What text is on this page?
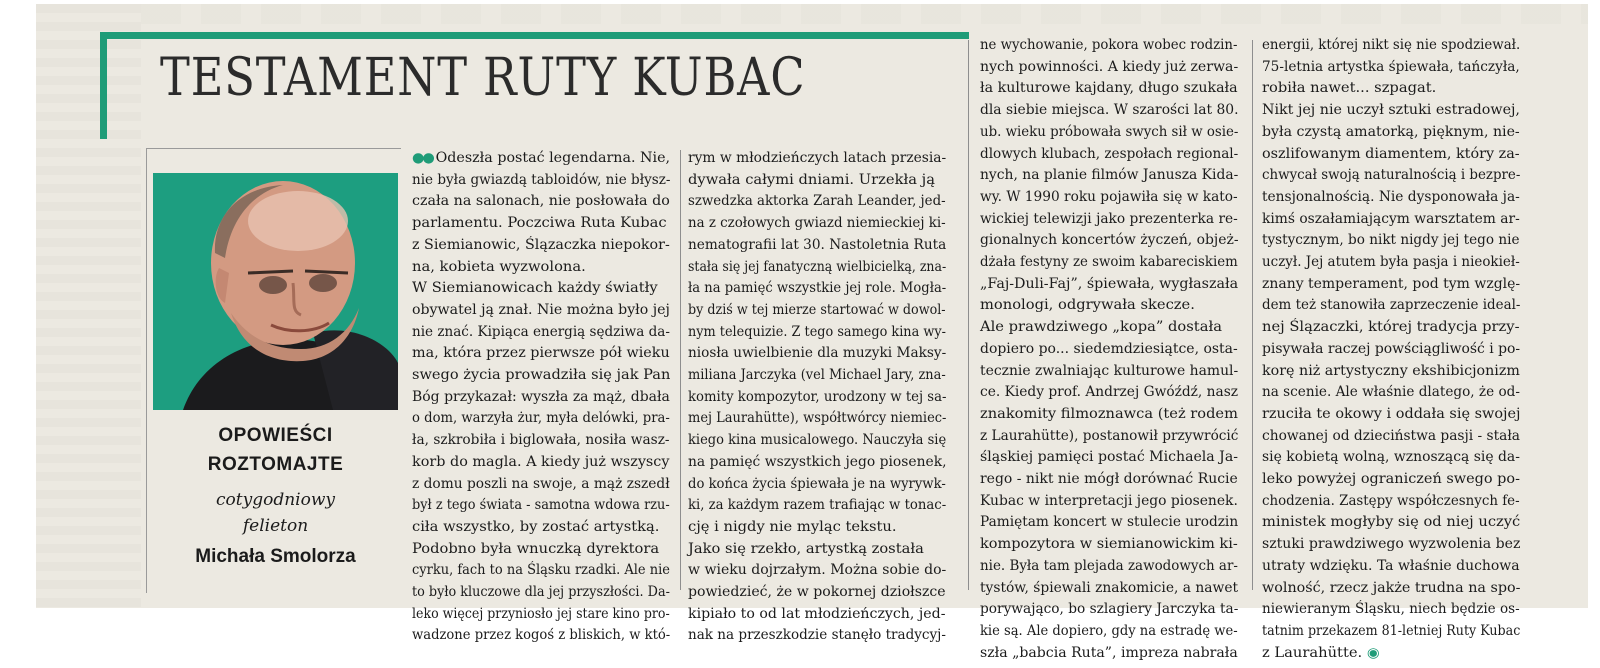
TESTAMENT RUTY KUBAC

OPOWIEŚCI

ROZTOMAJTE

cotygodniowy

felieton

Michała Smolorza

●● Odeszła postać legendarna. Nie,
nie była gwiazdą tabloidów, nie błysz-
czała na salonach, nie posłowała do
parlamentu. Poczciwa Ruta Kubac
z Siemianowic, Ślązaczka niepokor-
na, kobieta wyzwolona.
W Siemianowicach każdy światły
obywatel ją znał. Nie można było jej
nie znać. Kipiąca energią sędziwa da-
ma, która przez pierwsze pół wieku
swego życia prowadziła się jak Pan
Bóg przykazał: wyszła za mąż, dbała
o dom, warzyła żur, myła delówki, pra-
ła, szkrobiła i biglowała, nosiła wasz-
korb do magla. A kiedy już wszyscy
z domu poszli na swoje, a mąż zszedł
był z tego świata - samotna wdowa rzu-
ciła wszystko, by zostać artystką.
Podobno była wnuczką dyrektora
cyrku, fach to na Śląsku rzadki. Ale nie
to było kluczowe dla jej przyszłości. Da-
leko więcej przyniosło jej stare kino pro-
wadzone przez kogoś z bliskich, w któ-
rym w młodzieńczych latach przesia-
dywała całymi dniami. Urzekła ją
szwedzka aktorka Zarah Leander, jed-
na z czołowych gwiazd niemieckiej ki-
nematografii lat 30. Nastoletnia Ruta
stała się jej fanatyczną wielbicielką, zna-
ła na pamięć wszystkie jej role. Mogła-
by dziś w tej mierze startować w dowol-
nym telequizie. Z tego samego kina wy-
niosła uwielbienie dla muzyki Maksy-
miliana Jarczyka (vel Michael Jary, zna-
komity kompozytor, urodzony w tej sa-
mej Laurahütte), współtwórcy niemiec-
kiego kina musicalowego. Nauczyła się
na pamięć wszystkich jego piosenek,
do końca życia śpiewała je na wyrywk-
ki, za każdym razem trafiając w tonac-
cję i nigdy nie myląc tekstu.
Jako się rzekło, artystką została
w wieku dojrzałym. Można sobie do-
powiedzieć, że w pokornej dziołszce
kipiało to od lat młodzieńczych, jed-
nak na przeszkodzie stanęło tradycyj-
ne wychowanie, pokora wobec rodzin-
nych powinności. A kiedy już zerwa-
ła kulturowe kajdany, długo szukała
dla siebie miejsca. W szarości lat 80.
ub. wieku próbowała swych sił w osie-
dlowych klubach, zespołach regional-
nych, na planie filmów Janusza Kida-
wy. W 1990 roku pojawiła się w kato-
wickiej telewizji jako prezenterka re-
gionalnych koncertów życzeń, objeż-
dżała festyny ze swoim kabareciskiem
„Faj-Duli-Faj”, śpiewała, wygłaszała
monologi, odgrywała skecze.
Ale prawdziwego „kopa” dostała
dopiero po... siedemdziesiątce, osta-
tecznie zwalniając kulturowe hamul-
ce. Kiedy prof. Andrzej Gwóźdź, nasz
znakomity filmoznawca (też rodem
z Laurahütte), postanowił przywrócić
śląskiej pamięci postać Michaela Ja-
rego - nikt nie mógł dorównać Rucie
Kubac w interpretacji jego piosenek.
Pamiętam koncert w stulecie urodzin
kompozytora w siemianowickim ki-
nie. Była tam plejada zawodowych ar-
tystów, śpiewali znakomicie, a nawet
porywająco, bo szlagiery Jarczyka ta-
kie są. Ale dopiero, gdy na estradę we-
szła „babcia Ruta”, impreza nabrała
energii, której nikt się nie spodziewał.
75-letnia artystka śpiewała, tańczyła,
robiła nawet... szpagat.
Nikt jej nie uczył sztuki estradowej,
była czystą amatorką, pięknym, nie-
oszlifowanym diamentem, który za-
chwycał swoją naturalnością i bezpre-
tensjonalnością. Nie dysponowała ja-
kimś oszałamiającym warsztatem ar-
tystycznym, bo nikt nigdy jej tego nie
uczył. Jej atutem była pasja i nieokieł-
znany temperament, pod tym wzglę-
dem też stanowiła zaprzeczenie ideal-
nej Ślązaczki, której tradycja przy-
pisywała raczej powściągliwość i po-
korę niż artystyczny ekshibicjonizm
na scenie. Ale właśnie dlatego, że od-
rzuciła te okowy i oddała się swojej
chowanej od dzieciństwa pasji - stała
się kobietą wolną, wznoszącą się da-
leko powyżej ograniczeń swego po-
chodzenia. Zastępy współczesnych fe-
ministek mogłyby się od niej uczyć
sztuki prawdziwego wyzwolenia bez
utraty wdzięku. Ta właśnie duchowa
wolność, rzecz jakże trudna na spo-
niewieranym Śląsku, niech będzie os-
tatnim przekazem 81-letniej Ruty Kubac
z Laurahütte. ◉
